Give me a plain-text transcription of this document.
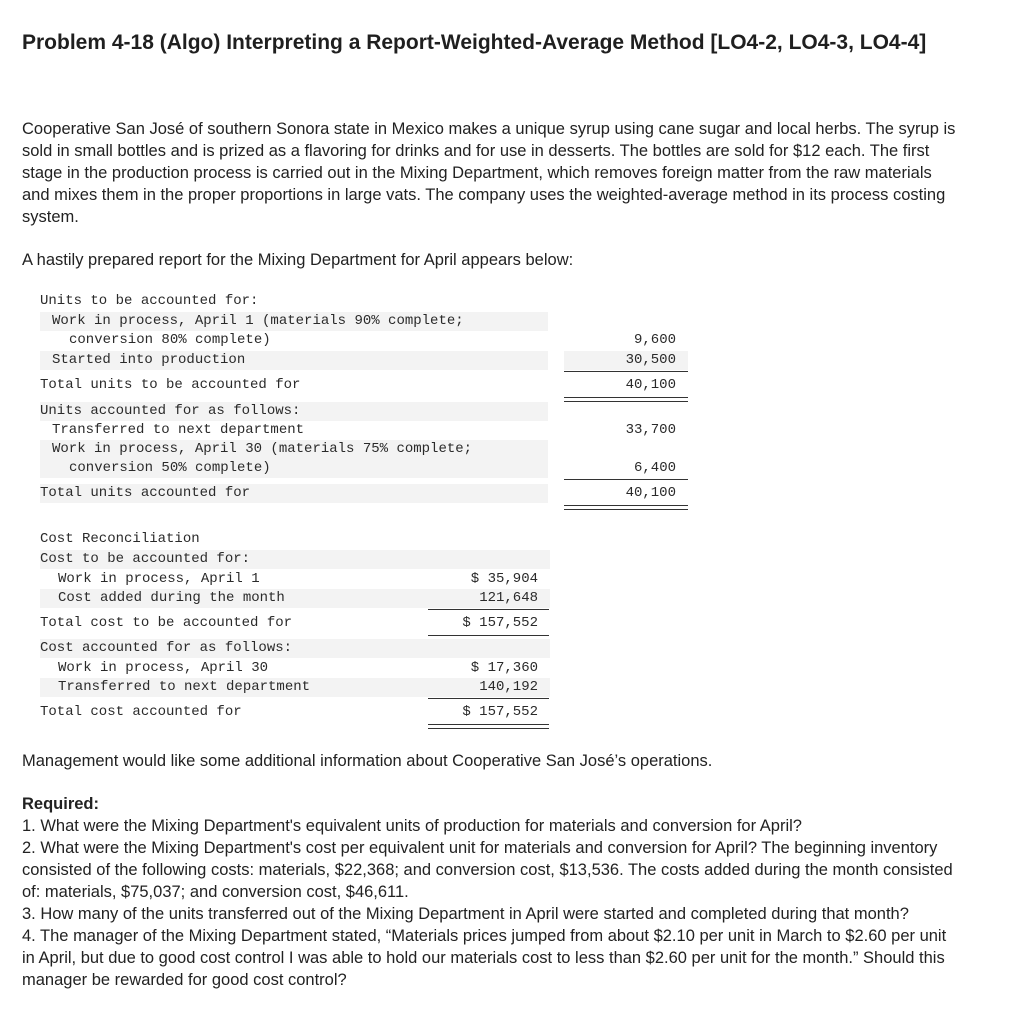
Problem 4-18 (Algo) Interpreting a Report-Weighted-Average Method [LO4-2, LO4-3, LO4-4]

Cooperative San José of southern Sonora state in Mexico makes a unique syrup using cane sugar and local herbs. The syrup is sold in small bottles and is prized as a flavoring for drinks and for use in desserts. The bottles are sold for $12 each. The first stage in the production process is carried out in the Mixing Department, which removes foreign matter from the raw materials and mixes them in the proper proportions in large vats. The company uses the weighted-average method in its process costing system.

A hastily prepared report for the Mixing Department for April appears below:

Units to be accounted for:
Work in process, April 1 (materials 90% complete;
conversion 80% complete)	9,600
Started into production	30,500
Total units to be accounted for	40,100
Units accounted for as follows:
Transferred to next department	33,700
Work in process, April 30 (materials 75% complete;
conversion 50% complete)	6,400
Total units accounted for	40,100
Cost Reconciliation
Cost to be accounted for:
Work in process, April 1	$ 35,904
Cost added during the month	121,648
Total cost to be accounted for	$ 157,552
Cost accounted for as follows:
Work in process, April 30	$ 17,360
Transferred to next department	140,192
Total cost accounted for	$ 157,552

Management would like some additional information about Cooperative San José’s operations.

Required:
1. What were the Mixing Department's equivalent units of production for materials and conversion for April?
2. What were the Mixing Department's cost per equivalent unit for materials and conversion for April? The beginning inventory consisted of the following costs: materials, $22,368; and conversion cost, $13,536. The costs added during the month consisted of: materials, $75,037; and conversion cost, $46,611.
3. How many of the units transferred out of the Mixing Department in April were started and completed during that month?
4. The manager of the Mixing Department stated, “Materials prices jumped from about $2.10 per unit in March to $2.60 per unit in April, but due to good cost control I was able to hold our materials cost to less than $2.60 per unit for the month.” Should this manager be rewarded for good cost control?
